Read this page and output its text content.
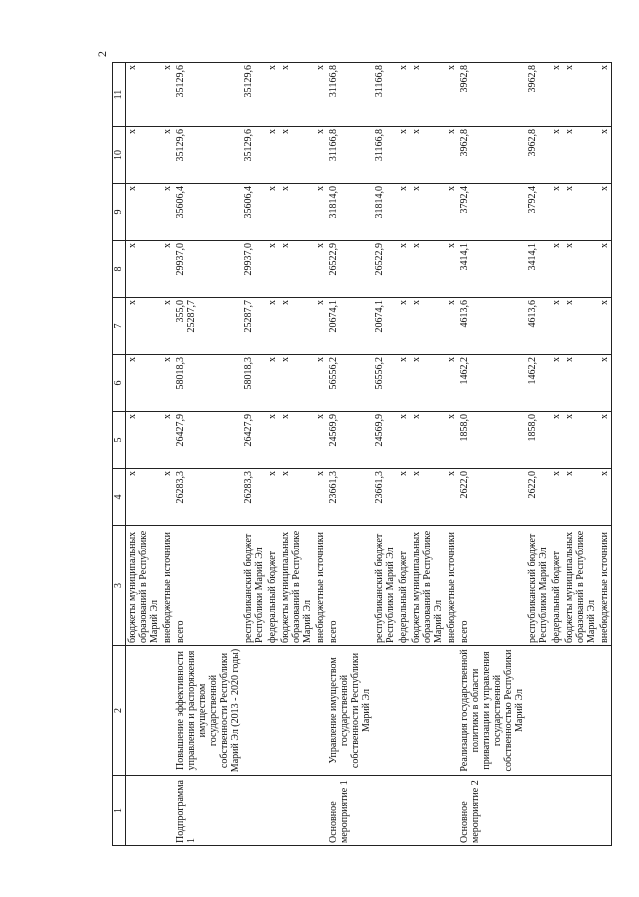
2
1	2	3	4	5	6	7	8	9	10	11
		бюджеты муниципальных образований в Республике Марий Эл	х	х	х	х	х	х	х	х
		внебюджетные источники	х	х	х	х	х	х	х	х
Подпрограмма 1	Повышение эффективности управления и распоряжения имуществом государственной собственности Республики Марий Эл (2013 - 2020 годы)	всего	26283,3	26427,9	58018,3	355,0 25287,7	29937,0	35606,4	35129,6	35129,6
		республиканский бюджет Республики Марий Эл	26283,3	26427,9	58018,3	25287,7	29937,0	35606,4	35129,6	35129,6
		федеральный бюджет	х	х	х	х	х	х	х	х
		бюджеты муниципальных образований в Республике Марий Эл	х	х	х	х	х	х	х	х
		внебюджетные источники	х	х	х	х	х	х	х	х
Основное мероприятие 1	Управление имуществом государственной собственности Республики Марий Эл	всего	23661,3	24569,9	56556,2	20674,1	26522,9	31814,0	31166,8	31166,8
		республиканский бюджет Республики Марий Эл	23661,3	24569,9	56556,2	20674,1	26522,9	31814,0	31166,8	31166,8
		федеральный бюджет	х	х	х	х	х	х	х	х
		бюджеты муниципальных образований в Республике Марий Эл	х	х	х	х	х	х	х	х
		внебюджетные источники	х	х	х	х	х	х	х	х
Основное мероприятие 2	Реализация государственной политики в области приватизации и управления государственной собственностью Республики Марий Эл	всего	2622,0	1858,0	1462,2	4613,6	3414,1	3792,4	3962,8	3962,8
		республиканский бюджет Республики Марий Эл	2622,0	1858,0	1462,2	4613,6	3414,1	3792,4	3962,8	3962,8
		федеральный бюджет	х	х	х	х	х	х	х	х
		бюджеты муниципальных образований в Республике Марий Эл	х	х	х	х	х	х	х	х
		внебюджетные источники	х	х	х	х	х	х	х	х
